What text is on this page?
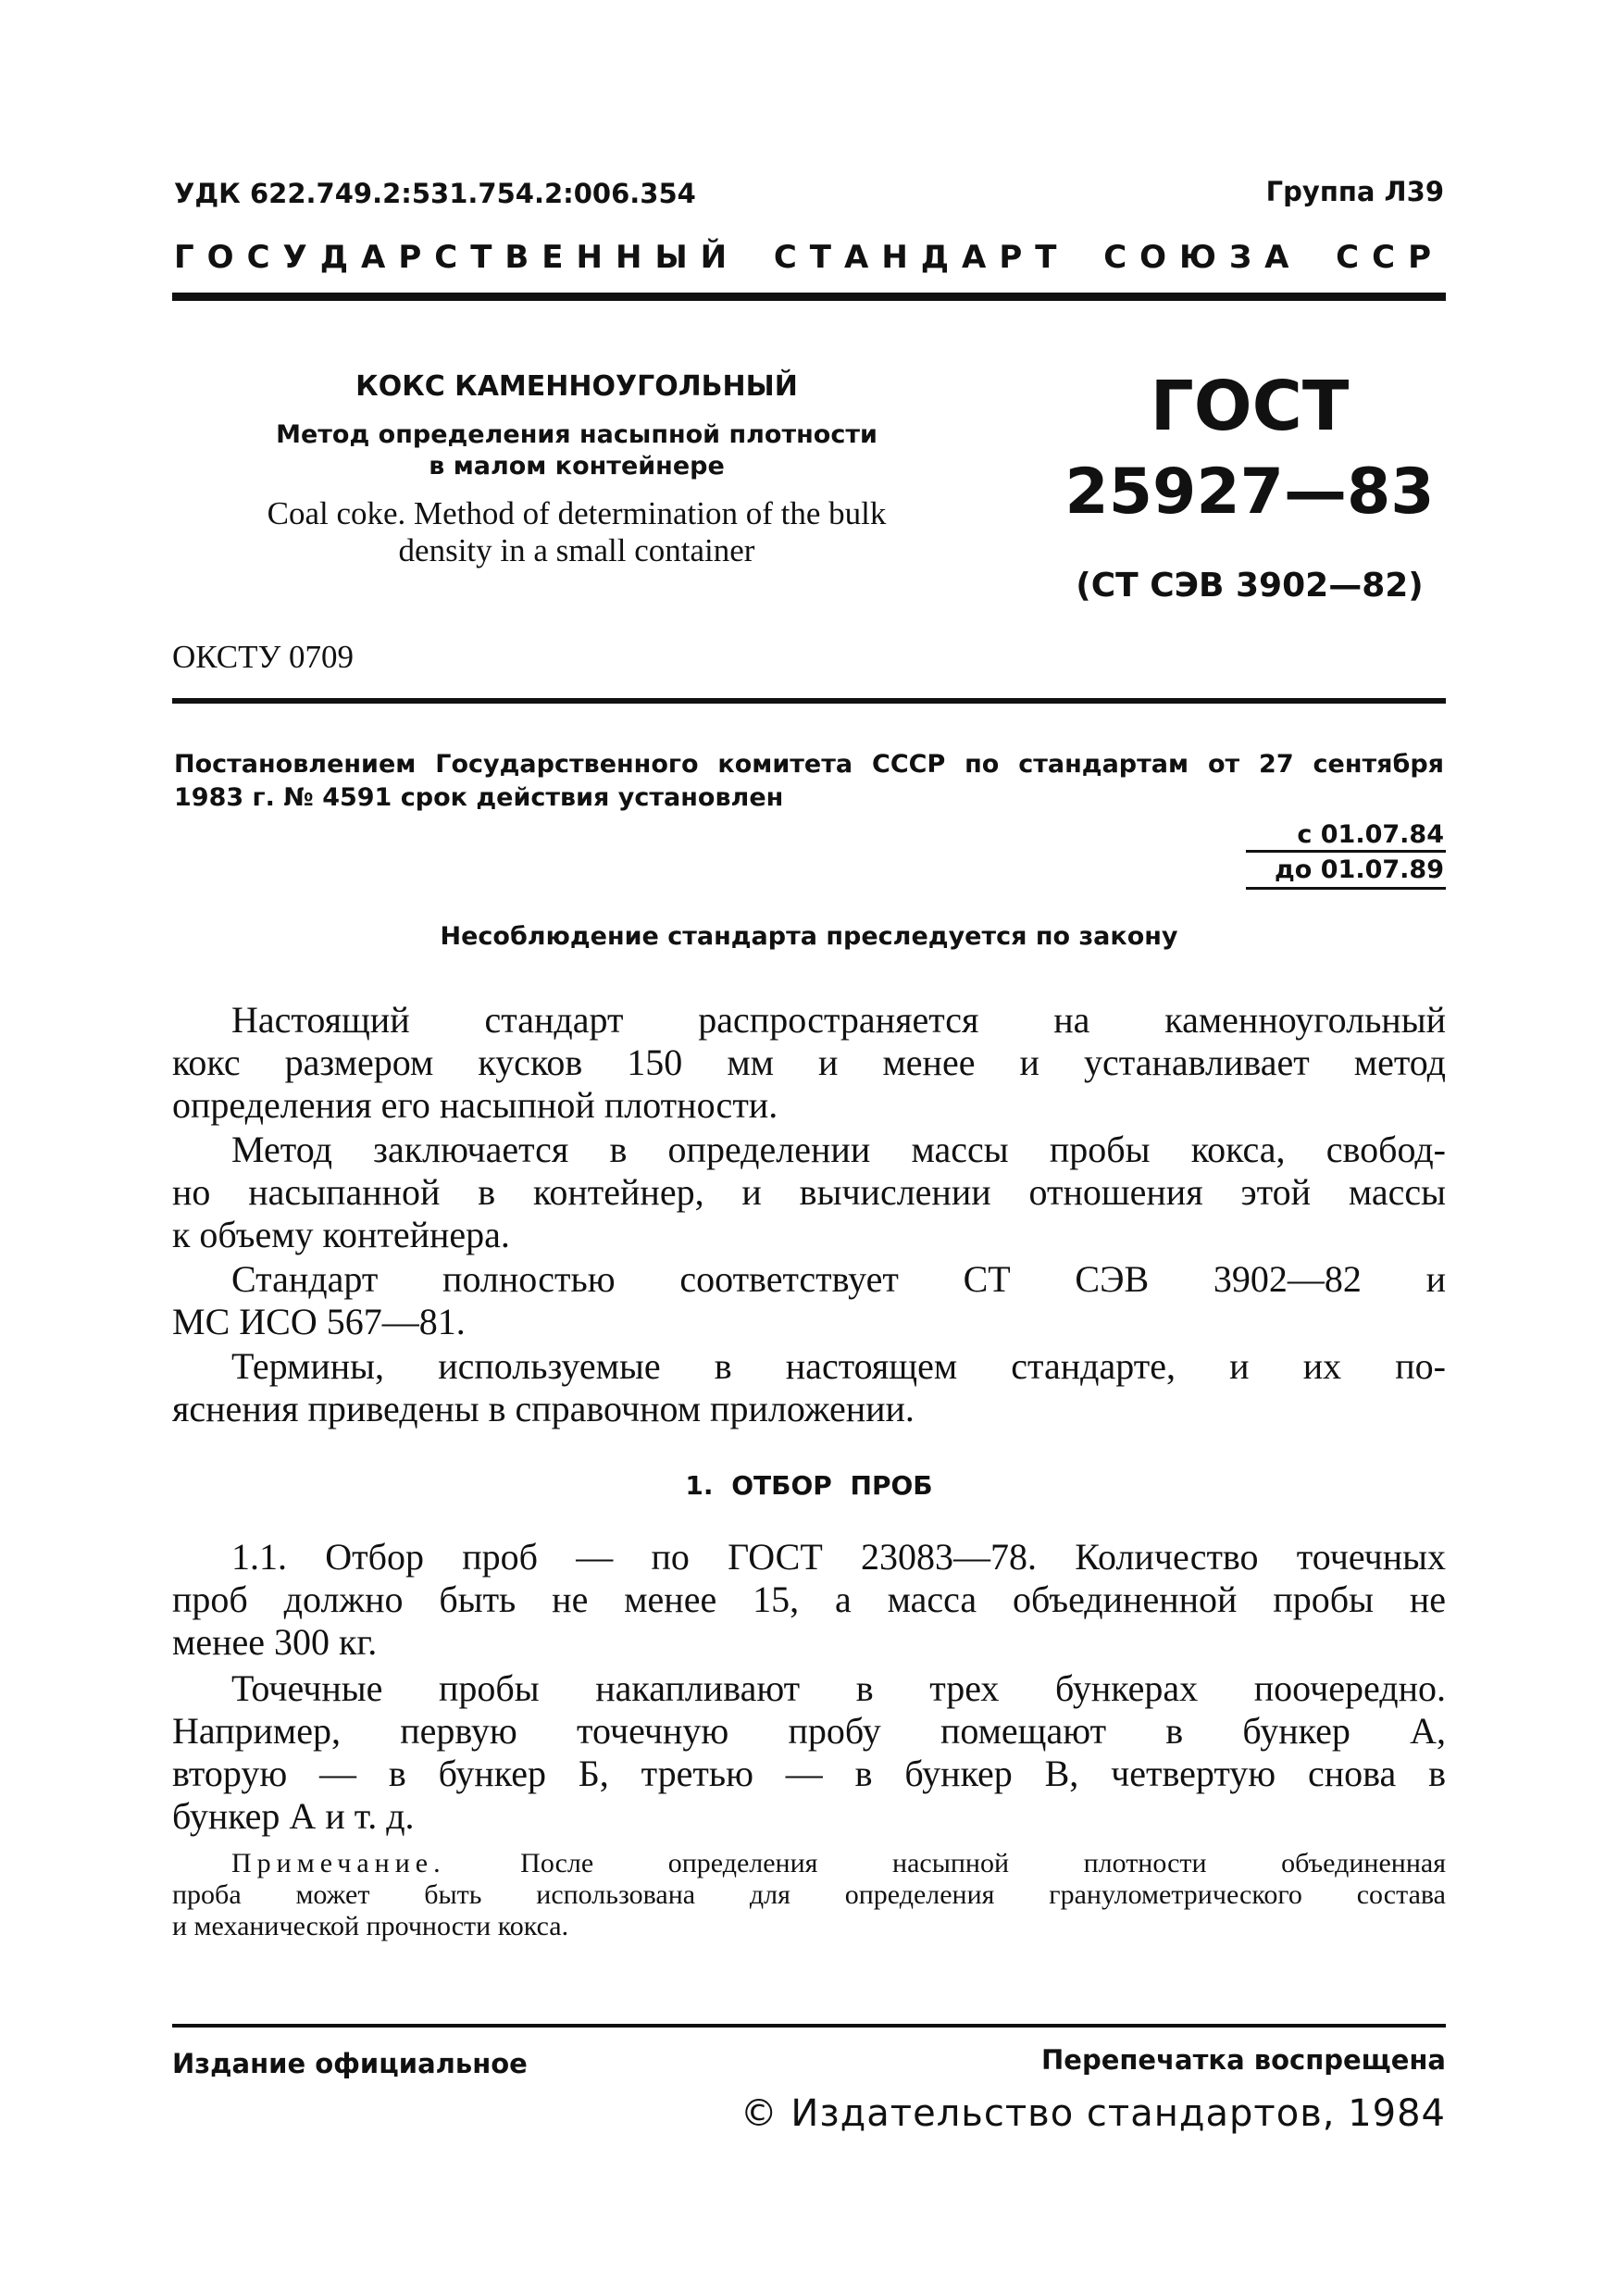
УДК 622.749.2:531.754.2:006.354	Группа Л39
ГОСУДАРСТВЕННЫЙ СТАНДАРТ СОЮЗА ССР
КОКС КАМЕННОУГОЛЬНЫЙ
Метод определения насыпной плотности
в малом контейнере
Coal coke. Method of determination of the bulk
density in a small container
ГОСТ
25927—83
(СТ СЭВ 3902—82)
ОКСТУ 0709
Постановлением Государственного комитета СССР по стандартам от 27 сентября
1983 г. № 4591 срок действия установлен
с 01.07.84
до 01.07.89
Несоблюдение стандарта преследуется по закону
Настоящий стандарт распространяется на каменноугольный
кокс размером кусков 150 мм и менее и устанавливает метод
определения его насыпной плотности.
Метод заключается в определении массы пробы кокса, свобод-
но насыпанной в контейнер, и вычислении отношения этой массы
к объему контейнера.
Стандарт полностью соответствует СТ СЭВ 3902—82 и
МС ИСО 567—81.
Термины, используемые в настоящем стандарте, и их по-
яснения приведены в справочном приложении.
1. ОТБОР ПРОБ
1.1. Отбор проб — по ГОСТ 23083—78. Количество точечных
проб должно быть не менее 15, а масса объединенной пробы не
менее 300 кг.
Точечные пробы накапливают в трех бункерах поочередно.
Например, первую точечную пробу помещают в бункер А,
вторую — в бункер Б, третью — в бункер В, четвертую снова в
бункер А и т. д.
Примечание. После определения насыпной плотности объединенная
проба может быть использована для определения гранулометрического состава
и механической прочности кокса.
Издание официальное	Перепечатка воспрещена
© Издательство стандартов, 1984
